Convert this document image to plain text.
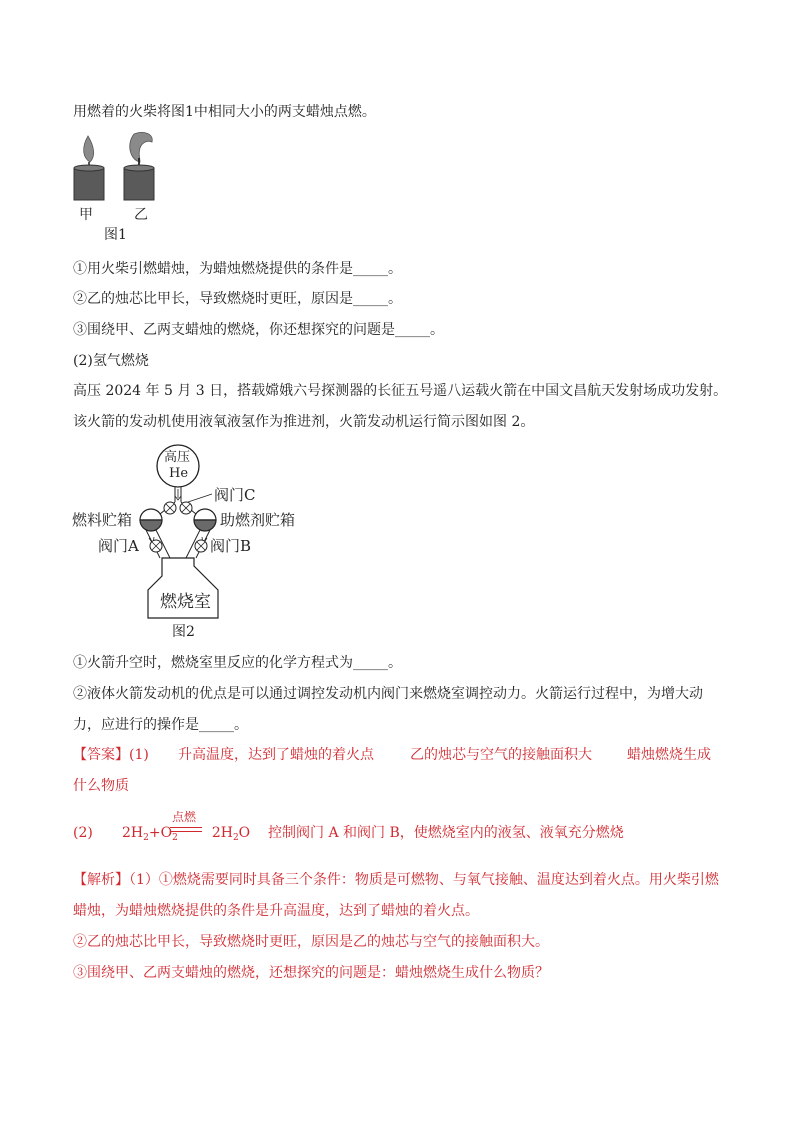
用燃着的火柴将图1中相同大小的两支蜡烛点燃。
甲	乙
图1
①用火柴引燃蜡烛，为蜡烛燃烧提供的条件是_____。
②乙的烛芯比甲长，导致燃烧时更旺，原因是_____。
③围绕甲、乙两支蜡烛的燃烧，你还想探究的问题是_____。
(2)氢气燃烧
高压 2024 年 5 月 3 日，搭载嫦娥六号探测器的长征五号遥八运载火箭在中国文昌航天发射场成功发射。
该火箭的发动机使用液氧液氢作为推进剂，火箭发动机运行简示图如图 2。
高压
He
阀门C
燃料贮箱	助燃剂贮箱
阀门A	阀门B
燃烧室
图2
①火箭升空时，燃烧室里反应的化学方程式为_____。
②液体火箭发动机的优点是可以通过调控发动机内阀门来燃烧室调控动力。火箭运行过程中，为增大动
力，应进行的操作是_____。
【答案】(1) 升高温度，达到了蜡烛的着火点	乙的烛芯与空气的接触面积大	蜡烛燃烧生成
什么物质
(2) $2H_2+O_2$ $2H_2O$
点燃
控制阀门 A 和阀门 B，使燃烧室内的液氢、液氧充分燃烧
【解析】（1）①燃烧需要同时具备三个条件：物质是可燃物、与氧气接触、温度达到着火点。用火柴引燃
蜡烛，为蜡烛燃烧提供的条件是升高温度，达到了蜡烛的着火点。
②乙的烛芯比甲长，导致燃烧时更旺，原因是乙的烛芯与空气的接触面积大。
③围绕甲、乙两支蜡烛的燃烧，还想探究的问题是：蜡烛燃烧生成什么物质？
